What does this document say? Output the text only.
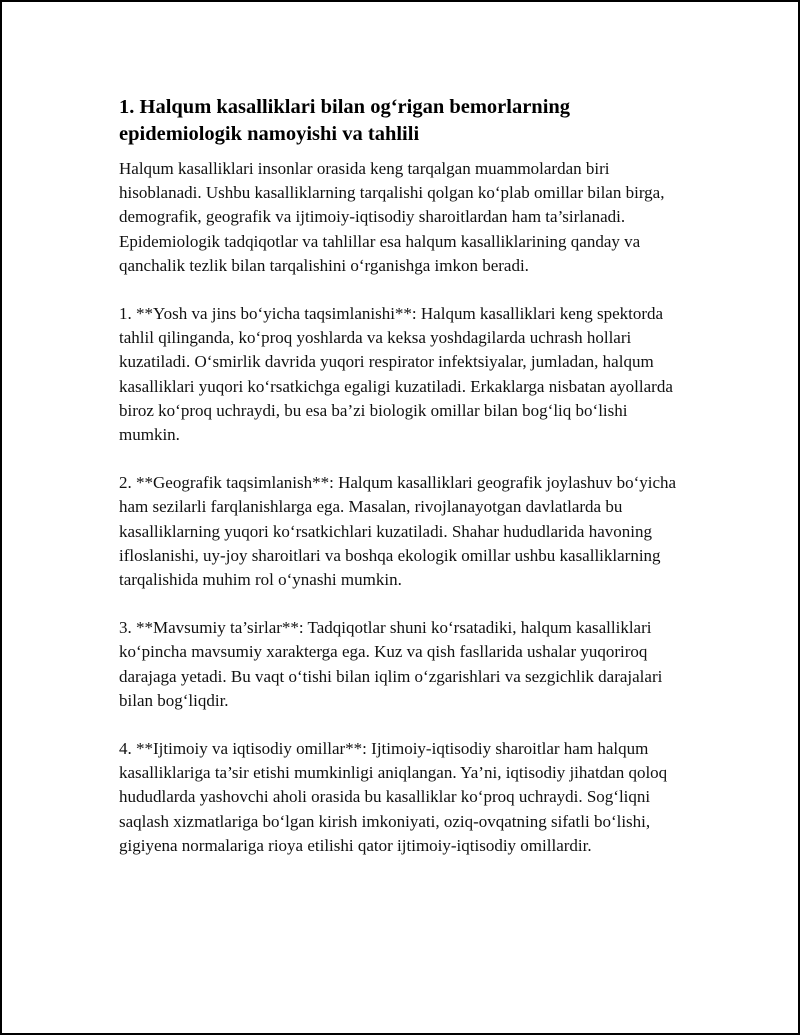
1. Halqum kasalliklari bilan og‘rigan bemorlarning epidemiologik namoyishi va tahlili

Halqum kasalliklari insonlar orasida keng tarqalgan muammolardan biri hisoblanadi. Ushbu kasalliklarning tarqalishi qolgan ko‘plab omillar bilan birga, demografik, geografik va ijtimoiy-iqtisodiy sharoitlardan ham ta’sirlanadi. Epidemiologik tadqiqotlar va tahlillar esa halqum kasalliklarining qanday va qanchalik tezlik bilan tarqalishini o‘rganishga imkon beradi.

1. **Yosh va jins bo‘yicha taqsimlanishi**: Halqum kasalliklari keng spektorda tahlil qilinganda, ko‘proq yoshlarda va keksa yoshdagilarda uchrash hollari kuzatiladi. O‘smirlik davrida yuqori respirator infektsiyalar, jumladan, halqum kasalliklari yuqori ko‘rsatkichga egaligi kuzatiladi. Erkaklarga nisbatan ayollarda biroz ko‘proq uchraydi, bu esa ba’zi biologik omillar bilan bog‘liq bo‘lishi mumkin.

2. **Geografik taqsimlanish**: Halqum kasalliklari geografik joylashuv bo‘yicha ham sezilarli farqlanishlarga ega. Masalan, rivojlanayotgan davlatlarda bu kasalliklarning yuqori ko‘rsatkichlari kuzatiladi. Shahar hududlarida havoning ifloslanishi, uy-joy sharoitlari va boshqa ekologik omillar ushbu kasalliklarning tarqalishida muhim rol o‘ynashi mumkin.

3. **Mavsumiy ta’sirlar**: Tadqiqotlar shuni ko‘rsatadiki, halqum kasalliklari ko‘pincha mavsumiy xarakterga ega. Kuz va qish fasllarida ushalar yuqoriroq darajaga yetadi. Bu vaqt o‘tishi bilan iqlim o‘zgarishlari va sezgichlik darajalari bilan bog‘liqdir.

4. **Ijtimoiy va iqtisodiy omillar**: Ijtimoiy-iqtisodiy sharoitlar ham halqum kasalliklariga ta’sir etishi mumkinligi aniqlangan. Ya’ni, iqtisodiy jihatdan qoloq hududlarda yashovchi aholi orasida bu kasalliklar ko‘proq uchraydi. Sog‘liqni saqlash xizmatlariga bo‘lgan kirish imkoniyati, oziq-ovqatning sifatli bo‘lishi, gigiyena normalariga rioya etilishi qator ijtimoiy-iqtisodiy omillardir.
